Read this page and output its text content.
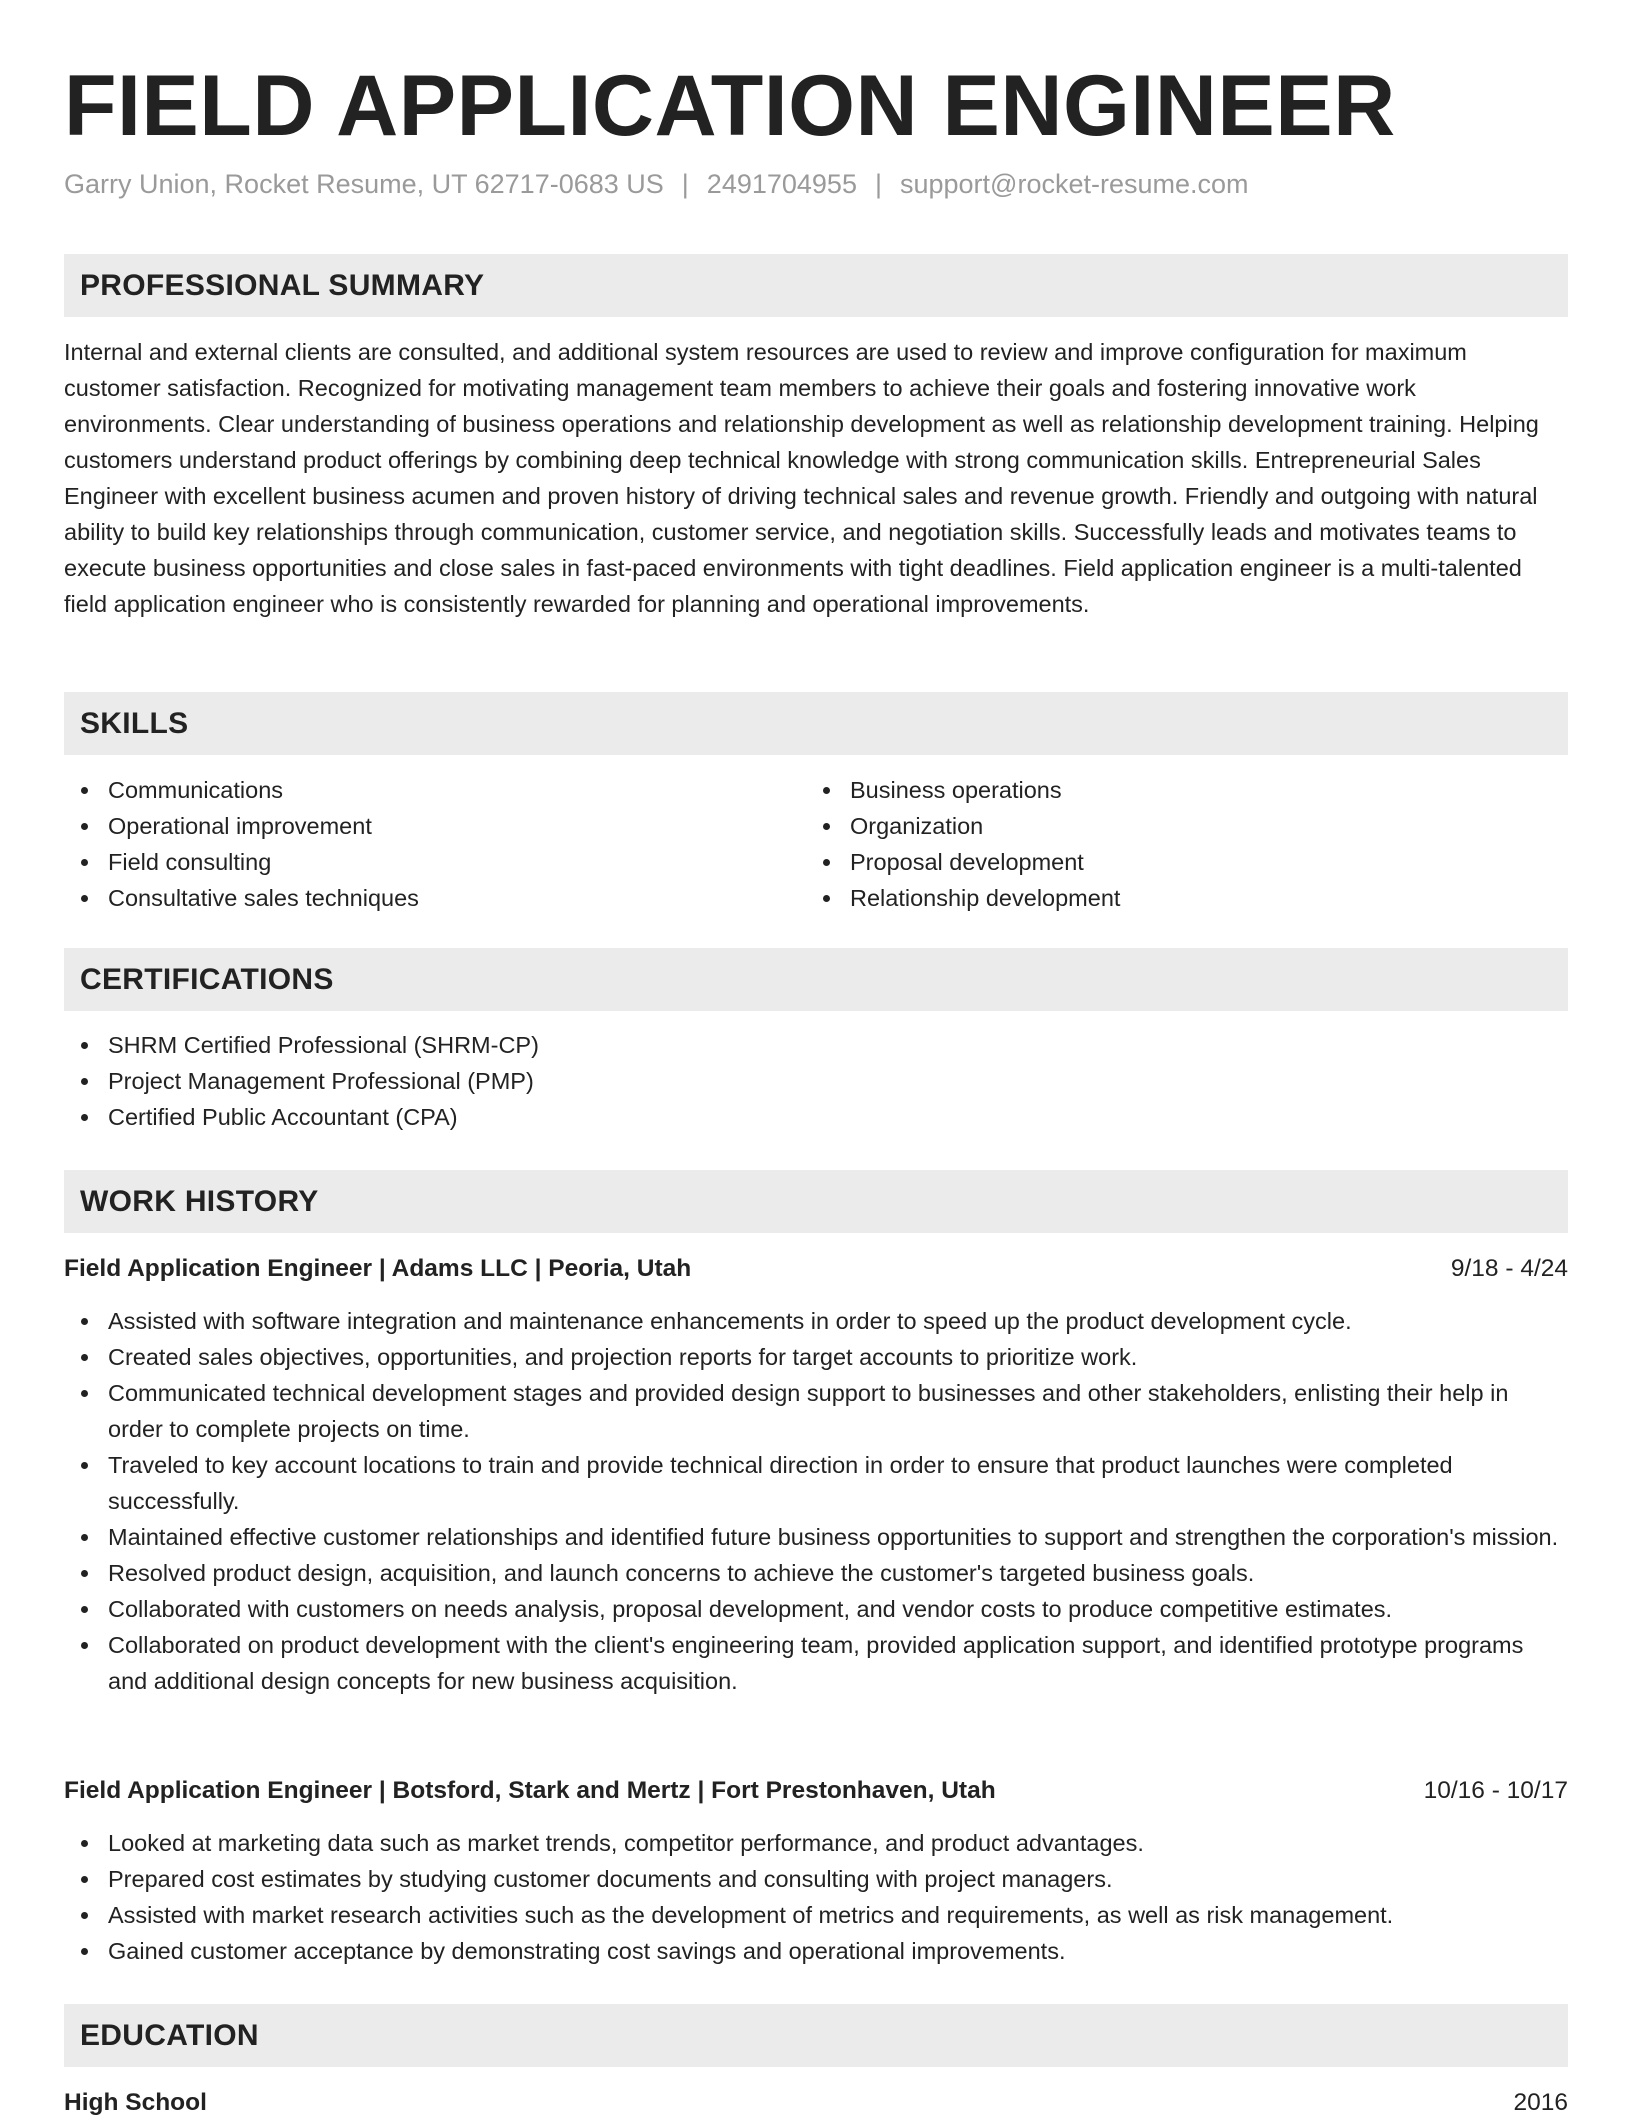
FIELD APPLICATION ENGINEER
Garry Union, Rocket Resume, UT 62717-0683 US | 2491704955 | support@rocket-resume.com
PROFESSIONAL SUMMARY

Internal and external clients are consulted, and additional system resources are used to review and improve configuration for maximum customer satisfaction. Recognized for motivating management team members to achieve their goals and fostering innovative work environments. Clear understanding of business operations and relationship development as well as relationship development training. Helping customers understand product offerings by combining deep technical knowledge with strong communication skills. Entrepreneurial Sales Engineer with excellent business acumen and proven history of driving technical sales and revenue growth. Friendly and outgoing with natural ability to build key relationships through communication, customer service, and negotiation skills. Successfully leads and motivates teams to execute business opportunities and close sales in fast-paced environments with tight deadlines. Field application engineer is a multi-talented field application engineer who is consistently rewarded for planning and operational improvements.

SKILLS
Communications
Operational improvement
Field consulting
Consultative sales techniques
Business operations
Organization
Proposal development
Relationship development
CERTIFICATIONS
SHRM Certified Professional (SHRM-CP)
Project Management Professional (PMP)
Certified Public Accountant (CPA)
WORK HISTORY
Field Application Engineer | Adams LLC | Peoria, Utah	9/18 - 4/24
Assisted with software integration and maintenance enhancements in order to speed up the product development cycle.
Created sales objectives, opportunities, and projection reports for target accounts to prioritize work.
Communicated technical development stages and provided design support to businesses and other stakeholders, enlisting their help in order to complete projects on time.
Traveled to key account locations to train and provide technical direction in order to ensure that product launches were completed successfully.
Maintained effective customer relationships and identified future business opportunities to support and strengthen the corporation's mission.
Resolved product design, acquisition, and launch concerns to achieve the customer's targeted business goals.
Collaborated with customers on needs analysis, proposal development, and vendor costs to produce competitive estimates.
Collaborated on product development with the client's engineering team, provided application support, and identified prototype programs and additional design concepts for new business acquisition.
Field Application Engineer | Botsford, Stark and Mertz | Fort Prestonhaven, Utah	10/16 - 10/17
Looked at marketing data such as market trends, competitor performance, and product advantages.
Prepared cost estimates by studying customer documents and consulting with project managers.
Assisted with market research activities such as the development of metrics and requirements, as well as risk management.
Gained customer acceptance by demonstrating cost savings and operational improvements.
EDUCATION
High School	2016
